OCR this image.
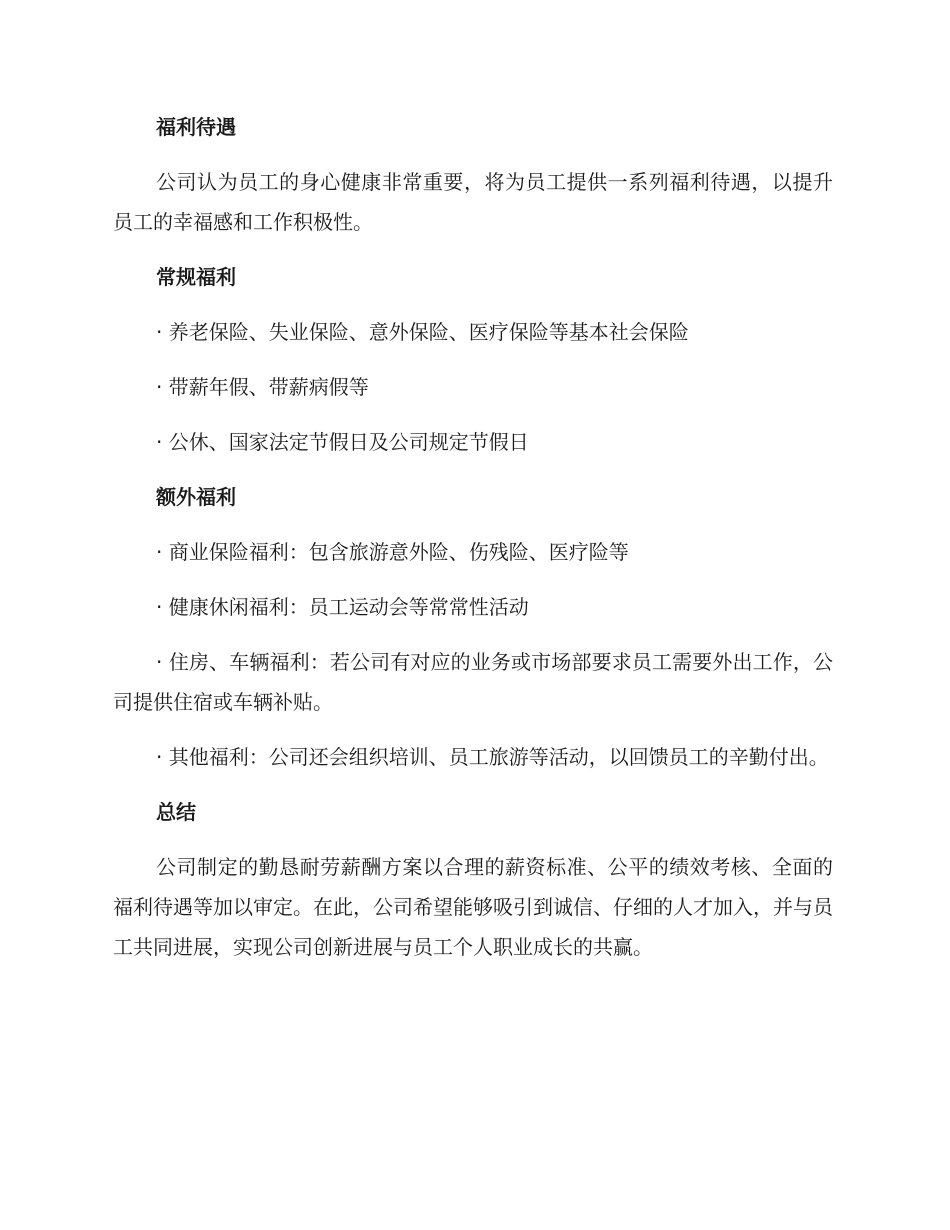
福利待遇
公司认为员工的身心健康非常重要，将为员工提供一系列福利待遇，以提升员工的幸福感和工作积极性。
常规福利
· 养老保险、失业保险、意外保险、医疗保险等基本社会保险
· 带薪年假、带薪病假等
· 公休、国家法定节假日及公司规定节假日
额外福利
· 商业保险福利：包含旅游意外险、伤残险、医疗险等
· 健康休闲福利：员工运动会等常常性活动
· 住房、车辆福利：若公司有对应的业务或市场部要求员工需要外出工作，公司提供住宿或车辆补贴。
· 其他福利：公司还会组织培训、员工旅游等活动，以回馈员工的辛勤付出。
总结
公司制定的勤恳耐劳薪酬方案以合理的薪资标准、公平的绩效考核、全面的福利待遇等加以审定。在此，公司希望能够吸引到诚信、仔细的人才加入，并与员工共同进展，实现公司创新进展与员工个人职业成长的共赢。
